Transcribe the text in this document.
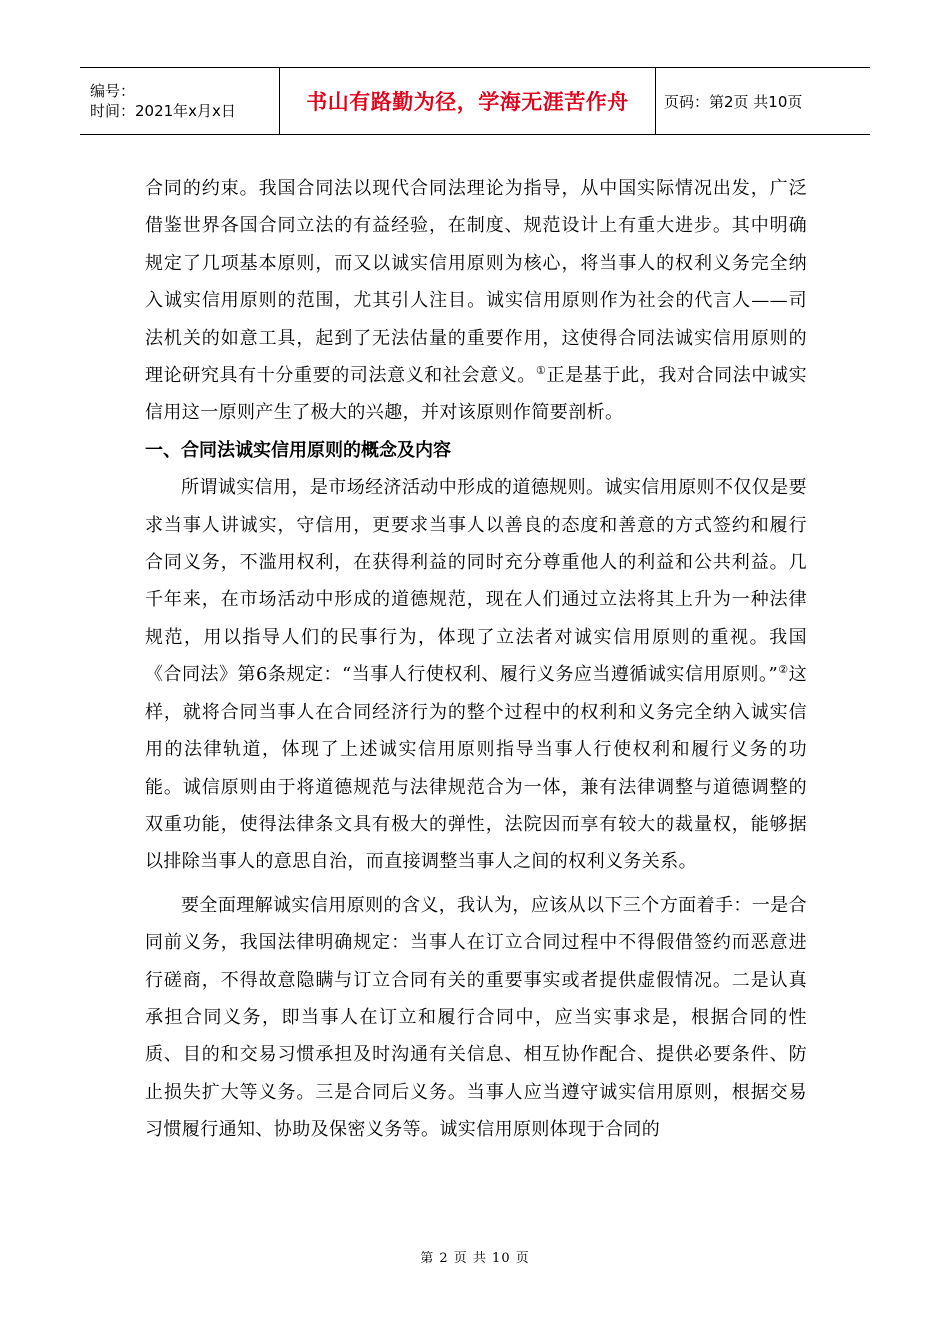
编号：
时间：2021年x月x日	书山有路勤为径，学海无涯苦作舟 页码：第2页 共10页

合同的约束。我国合同法以现代合同法理论为指导，从中国实际情况出发，广泛借鉴世界各国合同立法的有益经验，在制度、规范设计上有重大进步。其中明确规定了几项基本原则，而又以诚实信用原则为核心，将当事人的权利义务完全纳入诚实信用原则的范围，尤其引人注目。诚实信用原则作为社会的代言人——司法机关的如意工具，起到了无法估量的重要作用，这使得合同法诚实信用原则的理论研究具有十分重要的司法意义和社会意义。①正是基于此，我对合同法中诚实信用这一原则产生了极大的兴趣，并对该原则作简要剖析。

一、合同法诚实信用原则的概念及内容

所谓诚实信用，是市场经济活动中形成的道德规则。诚实信用原则不仅仅是要求当事人讲诚实，守信用，更要求当事人以善良的态度和善意的方式签约和履行合同义务，不滥用权利，在获得利益的同时充分尊重他人的利益和公共利益。几千年来，在市场活动中形成的道德规范，现在人们通过立法将其上升为一种法律规范，用以指导人们的民事行为，体现了立法者对诚实信用原则的重视。我国《合同法》第6条规定：“当事人行使权利、履行义务应当遵循诚实信用原则。”②这样，就将合同当事人在合同经济行为的整个过程中的权利和义务完全纳入诚实信用的法律轨道，体现了上述诚实信用原则指导当事人行使权利和履行义务的功能。诚信原则由于将道德规范与法律规范合为一体，兼有法律调整与道德调整的双重功能，使得法律条文具有极大的弹性，法院因而享有较大的裁量权，能够据以排除当事人的意思自治，而直接调整当事人之间的权利义务关系。

要全面理解诚实信用原则的含义，我认为，应该从以下三个方面着手：一是合同前义务，我国法律明确规定：当事人在订立合同过程中不得假借签约而恶意进行磋商，不得故意隐瞒与订立合同有关的重要事实或者提供虚假情况。二是认真承担合同义务，即当事人在订立和履行合同中，应当实事求是，根据合同的性质、目的和交易习惯承担及时沟通有关信息、相互协作配合、提供必要条件、防止损失扩大等义务。三是合同后义务。当事人应当遵守诚实信用原则，根据交易习惯履行通知、协助及保密义务等。诚实信用原则体现于合同的

第 2 页 共 10 页
